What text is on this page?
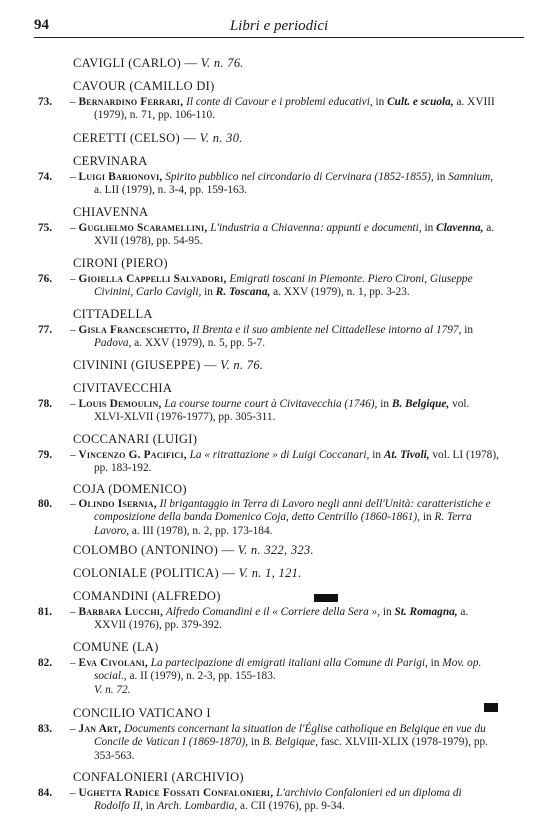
94	Libri e periodici
CAVIGLI (CARLO) — V. n. 76.
CAVOUR (CAMILLO DI)
73.	– Bernardino Ferrari, Il conte di Cavour e i problemi educativi, in Cult. e scuola, a. XVIII (1979), n. 71, pp. 106-110.
CERETTI (CELSO) — V. n. 30.
CERVINARA
74.	– Luigi Barionovi, Spirito pubblico nel circondario di Cervinara (1852-1855), in Samnium, a. LII (1979), n. 3-4, pp. 159-163.
CHIAVENNA
75.	– Guglielmo Scaramellini, L'industria a Chiavenna: appunti e documenti, in Clavenna, a. XVII (1978), pp. 54-95.
CIRONI (PIERO)
76.	– Gioiella Cappelli Salvadori, Emigrati toscani in Piemonte. Piero Cironi, Giuseppe Civinini, Carlo Cavigli, in R. Toscana, a. XXV (1979), n. 1, pp. 3-23.
CITTADELLA
77.	– Gisla Franceschetto, Il Brenta e il suo ambiente nel Cittadellese intorno al 1797, in Padova, a. XXV (1979), n. 5, pp. 5-7.
CIVININI (GIUSEPPE) — V. n. 76.
CIVITAVECCHIA
78.	– Louis Demoulin, La course tourne court à Civitavecchia (1746), in B. Belgique, vol. XLVI-XLVII (1976-1977), pp. 305-311.
COCCANARI (LUIGI)
79.	– Vincenzo G. Pacifici, La « ritrattazione » di Luigi Coccanari, in At. Tivoli, vol. LI (1978), pp. 183-192.
COJA (DOMENICO)
80.	– Olindo Isernia, Il brigantaggio in Terra di Lavoro negli anni dell'Unità: caratteristiche e composizione della banda Domenico Coja, detto Centrillo (1860-1861), in R. Terra Lavoro, a. III (1978), n. 2, pp. 173-184.
COLOMBO (ANTONINO) — V. n. 322, 323.
COLONIALE (POLITICA) — V. n. 1, 121.
COMANDINI (ALFREDO)
81.	– Barbara Lucchi, Alfredo Comandini e il « Corriere della Sera », in St. Romagna, a. XXVII (1976), pp. 379-392.
COMUNE (LA)
82.	– Eva Civolani, La partecipazione di emigrati italiani alla Comune di Parigi, in Mov. op. social., a. II (1979), n. 2-3, pp. 155-183.
V. n. 72.
CONCILIO VATICANO I
83.	– Jan Art, Documents concernant la situation de l'Église catholique en Belgique en vue du Concile de Vatican I (1869-1870), in B. Belgique, fasc. XLVIII-XLIX (1978-1979), pp. 353-563.
CONFALONIERI (ARCHIVIO)
84.	– Ughetta Radice Fossati Confalonieri, L'archivio Confalonieri ed un diploma di Rodolfo II, in Arch. Lombardia, a. CII (1976), pp. 9-34.
